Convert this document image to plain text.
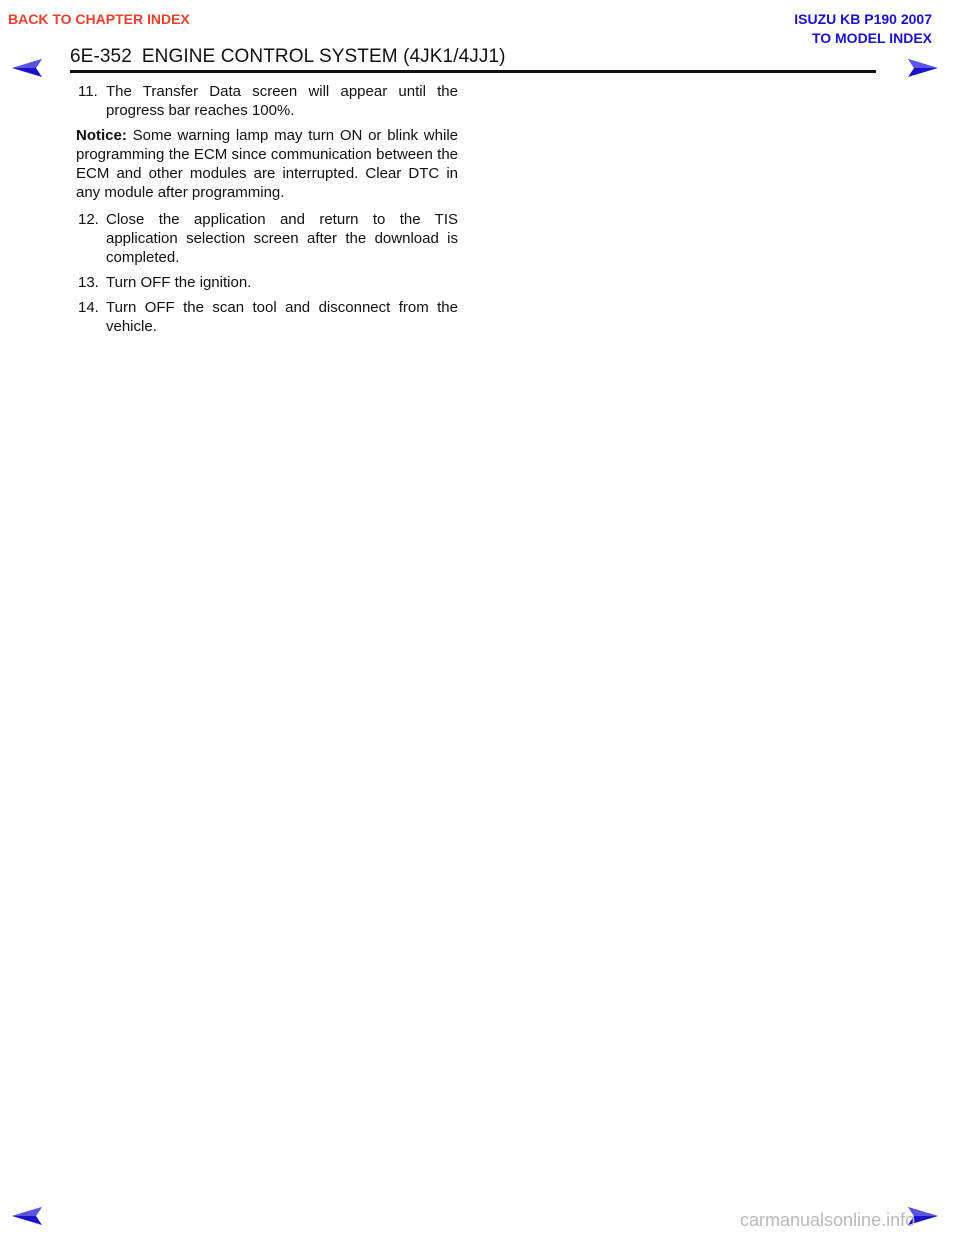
BACK TO CHAPTER INDEX	ISUZU KB P190 2007
TO MODEL INDEX
6E-352 ENGINE CONTROL SYSTEM (4JK1/4JJ1)
11. The Transfer Data screen will appear until the progress bar reaches 100%.
Notice: Some warning lamp may turn ON or blink while programming the ECM since communication between the ECM and other modules are interrupted. Clear DTC in any module after programming.
12. Close the application and return to the TIS application selection screen after the download is completed.
13. Turn OFF the ignition.
14. Turn OFF the scan tool and disconnect from the vehicle.
carmanualsonline.info
